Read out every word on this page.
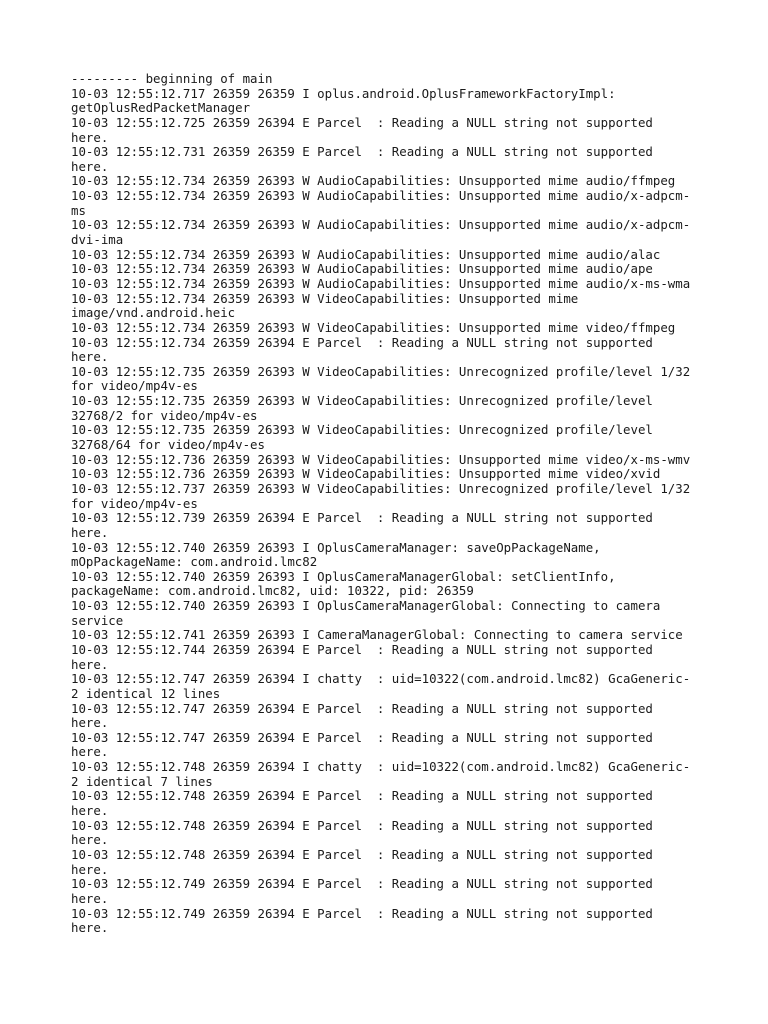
--------- beginning of main
10-03 12:55:12.717 26359 26359 I oplus.android.OplusFrameworkFactoryImpl:
getOplusRedPacketManager
10-03 12:55:12.725 26359 26394 E Parcel  : Reading a NULL string not supported
here.
10-03 12:55:12.731 26359 26359 E Parcel  : Reading a NULL string not supported
here.
10-03 12:55:12.734 26359 26393 W AudioCapabilities: Unsupported mime audio/ffmpeg
10-03 12:55:12.734 26359 26393 W AudioCapabilities: Unsupported mime audio/x-adpcm-
ms
10-03 12:55:12.734 26359 26393 W AudioCapabilities: Unsupported mime audio/x-adpcm-
dvi-ima
10-03 12:55:12.734 26359 26393 W AudioCapabilities: Unsupported mime audio/alac
10-03 12:55:12.734 26359 26393 W AudioCapabilities: Unsupported mime audio/ape
10-03 12:55:12.734 26359 26393 W AudioCapabilities: Unsupported mime audio/x-ms-wma
10-03 12:55:12.734 26359 26393 W VideoCapabilities: Unsupported mime
image/vnd.android.heic
10-03 12:55:12.734 26359 26393 W VideoCapabilities: Unsupported mime video/ffmpeg
10-03 12:55:12.734 26359 26394 E Parcel  : Reading a NULL string not supported
here.
10-03 12:55:12.735 26359 26393 W VideoCapabilities: Unrecognized profile/level 1/32
for video/mp4v-es
10-03 12:55:12.735 26359 26393 W VideoCapabilities: Unrecognized profile/level
32768/2 for video/mp4v-es
10-03 12:55:12.735 26359 26393 W VideoCapabilities: Unrecognized profile/level
32768/64 for video/mp4v-es
10-03 12:55:12.736 26359 26393 W VideoCapabilities: Unsupported mime video/x-ms-wmv
10-03 12:55:12.736 26359 26393 W VideoCapabilities: Unsupported mime video/xvid
10-03 12:55:12.737 26359 26393 W VideoCapabilities: Unrecognized profile/level 1/32
for video/mp4v-es
10-03 12:55:12.739 26359 26394 E Parcel  : Reading a NULL string not supported
here.
10-03 12:55:12.740 26359 26393 I OplusCameraManager: saveOpPackageName,
mOpPackageName: com.android.lmc82
10-03 12:55:12.740 26359 26393 I OplusCameraManagerGlobal: setClientInfo,
packageName: com.android.lmc82, uid: 10322, pid: 26359
10-03 12:55:12.740 26359 26393 I OplusCameraManagerGlobal: Connecting to camera
service
10-03 12:55:12.741 26359 26393 I CameraManagerGlobal: Connecting to camera service
10-03 12:55:12.744 26359 26394 E Parcel  : Reading a NULL string not supported
here.
10-03 12:55:12.747 26359 26394 I chatty  : uid=10322(com.android.lmc82) GcaGeneric-
2 identical 12 lines
10-03 12:55:12.747 26359 26394 E Parcel  : Reading a NULL string not supported
here.
10-03 12:55:12.747 26359 26394 E Parcel  : Reading a NULL string not supported
here.
10-03 12:55:12.748 26359 26394 I chatty  : uid=10322(com.android.lmc82) GcaGeneric-
2 identical 7 lines
10-03 12:55:12.748 26359 26394 E Parcel  : Reading a NULL string not supported
here.
10-03 12:55:12.748 26359 26394 E Parcel  : Reading a NULL string not supported
here.
10-03 12:55:12.748 26359 26394 E Parcel  : Reading a NULL string not supported
here.
10-03 12:55:12.749 26359 26394 E Parcel  : Reading a NULL string not supported
here.
10-03 12:55:12.749 26359 26394 E Parcel  : Reading a NULL string not supported
here.
